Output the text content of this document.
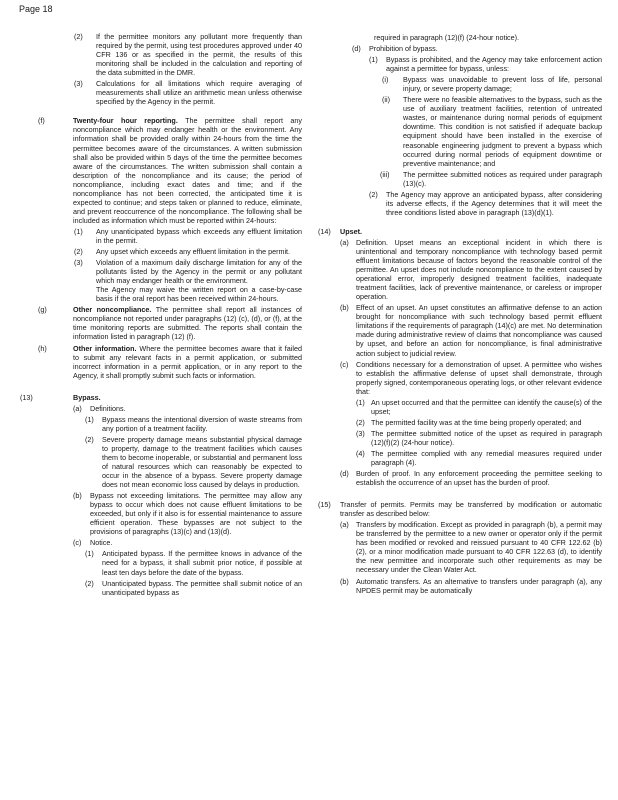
Page 18
(2) If the permittee monitors any pollutant more frequently than required by the permit, using test procedures approved under 40 CFR 136 or as specified in the permit, the results of this monitoring shall be included in the calculation and reporting of the data submitted in the DMR.
(3) Calculations for all limitations which require averaging of measurements shall utilize an arithmetic mean unless otherwise specified by the Agency in the permit.
(f)	Twenty-four hour reporting. The permittee shall report any noncompliance which may endanger health or the environment. Any information shall be provided orally within 24-hours from the time the permittee becomes aware of the circumstances. A written submission shall also be provided within 5 days of the time the permittee becomes aware of the circumstances. The written submission shall contain a description of the noncompliance and its cause; the period of noncompliance, including exact dates and time; and if the noncompliance has not been corrected, the anticipated time it is expected to continue; and steps taken or planned to reduce, eliminate, and prevent reoccurrence of the noncompliance. The following shall be included as information which must be reported within 24-hours:
(1) Any unanticipated bypass which exceeds any effluent limitation in the permit.
(2) Any upset which exceeds any effluent limitation in the permit.
(3) Violation of a maximum daily discharge limitation for any of the pollutants listed by the Agency in the permit or any pollutant which may endanger health or the environment.
The Agency may waive the written report on a case-by-case basis if the oral report has been received within 24-hours.
(g)	Other noncompliance. The permittee shall report all instances of noncompliance not reported under paragraphs (12) (c), (d), or (f), at the time monitoring reports are submitted. The reports shall contain the information listed in paragraph (12) (f).
(h)	Other information. Where the permittee becomes aware that it failed to submit any relevant facts in a permit application, or submitted incorrect information in a permit application, or in any report to the Agency, it shall promptly submit such facts or information.
(13)	Bypass.
(a) Definitions.
(1) Bypass means the intentional diversion of waste streams from any portion of a treatment facility.
(2) Severe property damage means substantial physical damage to property, damage to the treatment facilities which causes them to become inoperable, or substantial and permanent loss of natural resources which can reasonably be expected to occur in the absence of a bypass. Severe property damage does not mean economic loss caused by delays in production.
(b) Bypass not exceeding limitations. The permittee may allow any bypass to occur which does not cause effluent limitations to be exceeded, but only if it also is for essential maintenance to assure efficient operation. These bypasses are not subject to the provisions of paragraphs (13)(c) and (13)(d).
(c) Notice.
(1) Anticipated bypass. If the permittee knows in advance of the need for a bypass, it shall submit prior notice, if possible at least ten days before the date of the bypass.
(2) Unanticipated bypass. The permittee shall submit notice of an unanticipated bypass as
required in paragraph (12)(f) (24-hour notice).
(d) Prohibition of bypass.
(1) Bypass is prohibited, and the Agency may take enforcement action against a permittee for bypass, unless:
(i) Bypass was unavoidable to prevent loss of life, personal injury, or severe property damage;
(ii) There were no feasible alternatives to the bypass, such as the use of auxiliary treatment facilities, retention of untreated wastes, or maintenance during normal periods of equipment downtime. This condition is not satisfied if adequate backup equipment should have been installed in the exercise of reasonable engineering judgment to prevent a bypass which occurred during normal periods of equipment downtime or preventive maintenance; and
(iii) The permittee submitted notices as required under paragraph (13)(c).
(2) The Agency may approve an anticipated bypass, after considering its adverse effects, if the Agency determines that it will meet the three conditions listed above in paragraph (13)(d)(1).
(14) Upset.
(a) Definition. Upset means an exceptional incident in which there is unintentional and temporary noncompliance with technology based permit effluent limitations because of factors beyond the reasonable control of the permittee. An upset does not include noncompliance to the extent caused by operational error, improperly designed treatment facilities, inadequate treatment facilities, lack of preventive maintenance, or careless or improper operation.
(b) Effect of an upset. An upset constitutes an affirmative defense to an action brought for noncompliance with such technology based permit effluent limitations if the requirements of paragraph (14)(c) are met. No determination made during administrative review of claims that noncompliance was caused by upset, and before an action for noncompliance, is final administrative action subject to judicial review.
(c) Conditions necessary for a demonstration of upset. A permittee who wishes to establish the affirmative defense of upset shall demonstrate, through properly signed, contemporaneous operating logs, or other relevant evidence that:
(1) An upset occurred and that the permittee can identify the cause(s) of the upset;
(2) The permitted facility was at the time being properly operated; and
(3) The permittee submitted notice of the upset as required in paragraph (12)(f)(2) (24-hour notice).
(4) The permittee complied with any remedial measures required under paragraph (4).
(d) Burden of proof. In any enforcement proceeding the permittee seeking to establish the occurrence of an upset has the burden of proof.
(15) Transfer of permits. Permits may be transferred by modification or automatic transfer as described below:
(a) Transfers by modification. Except as provided in paragraph (b), a permit may be transferred by the permittee to a new owner or operator only if the permit has been modified or revoked and reissued pursuant to 40 CFR 122.62 (b) (2), or a minor modification made pursuant to 40 CFR 122.63 (d), to identify the new permittee and incorporate such other requirements as may be necessary under the Clean Water Act.
(b) Automatic transfers. As an alternative to transfers under paragraph (a), any NPDES permit may be automatically
